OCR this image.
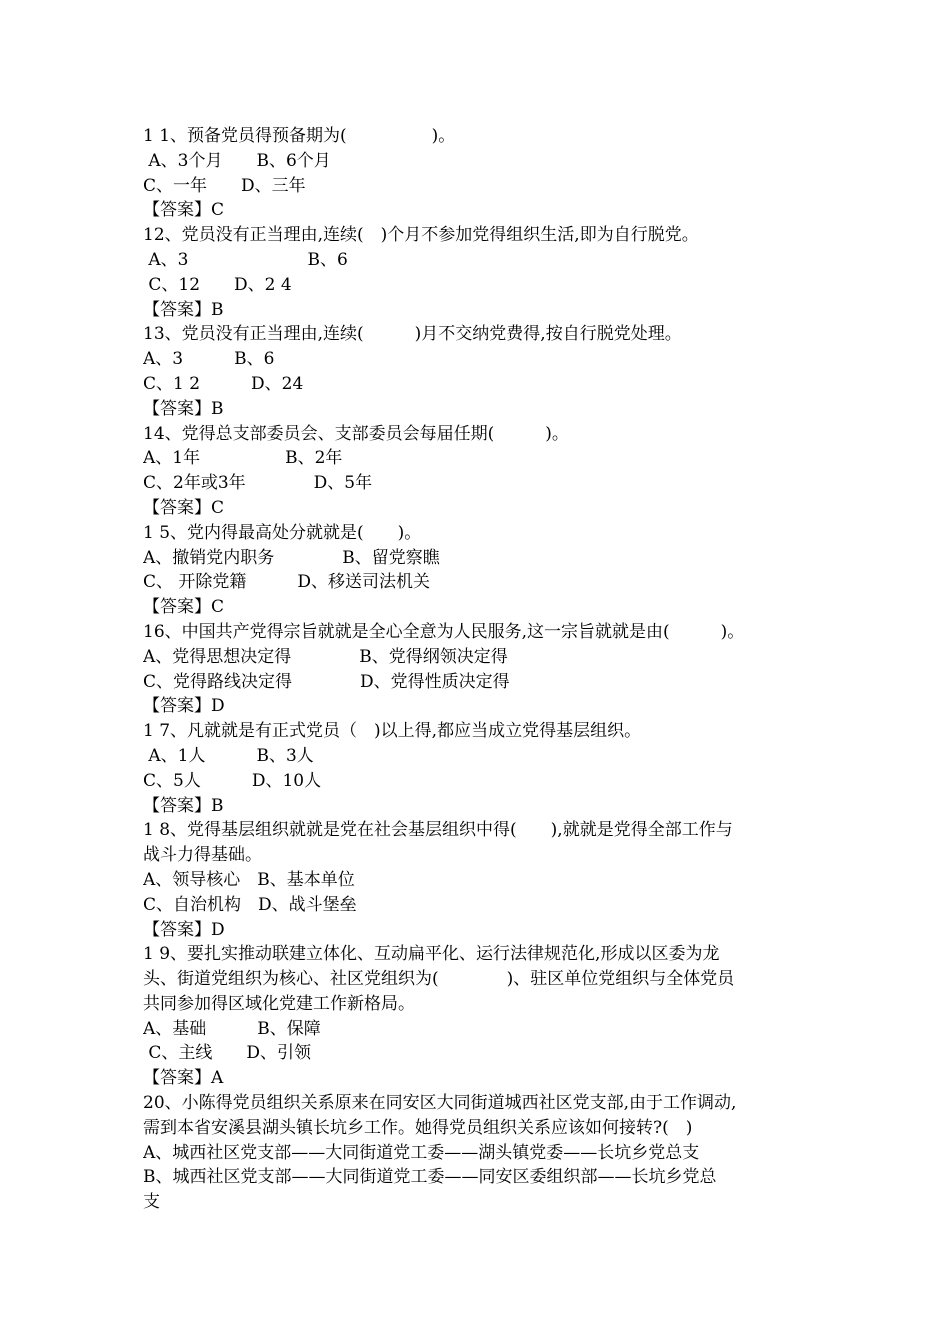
1 1、预备党员得预备期为(　　　　　)。
A、3个月　　B、6个月
C、一年　　D、三年
【答案】C
12、党员没有正当理由,连续(　)个月不参加党得组织生活,即为自行脱党。
A、3　　　　　　　B、6
C、12　　D、2 4
【答案】B
13、党员没有正当理由,连续(　　　)月不交纳党费得,按自行脱党处理。
A、3　　　B、6
C、1 2　　　D、24
【答案】B
14、党得总支部委员会、支部委员会每届任期(　　　)。
A、1年　　　　　B、2年
C、2年或3年　　　　D、5年
【答案】C
1 5、党内得最高处分就就是(　　)。
A、撤销党内职务　　　　B、留党察瞧
C、 开除党籍　　　D、移送司法机关
【答案】C
16、中国共产党得宗旨就就是全心全意为人民服务,这一宗旨就就是由(　　　)。
A、党得思想决定得　　　　B、党得纲领决定得
C、党得路线决定得　　　　D、党得性质决定得
【答案】D
1 7、凡就就是有正式党员（　)以上得,都应当成立党得基层组织。
A、1人　　　B、3人
C、5人　　　D、10人
【答案】B
1 8、党得基层组织就就是党在社会基层组织中得(　　),就就是党得全部工作与
战斗力得基础。
A、领导核心　B、基本单位
C、自治机构　D、战斗堡垒
【答案】D
1 9、要扎实推动联建立体化、互动扁平化、运行法律规范化,形成以区委为龙
头、街道党组织为核心、社区党组织为(　　　　)、驻区单位党组织与全体党员
共同参加得区域化党建工作新格局。
A、基础　　　B、保障
C、主线　　D、引领
【答案】A
20、小陈得党员组织关系原来在同安区大同街道城西社区党支部,由于工作调动,
需到本省安溪县湖头镇长坑乡工作。她得党员组织关系应该如何接转?(　)
A、城西社区党支部——大同街道党工委——湖头镇党委——长坑乡党总支
B、城西社区党支部——大同街道党工委——同安区委组织部——长坑乡党总
支
